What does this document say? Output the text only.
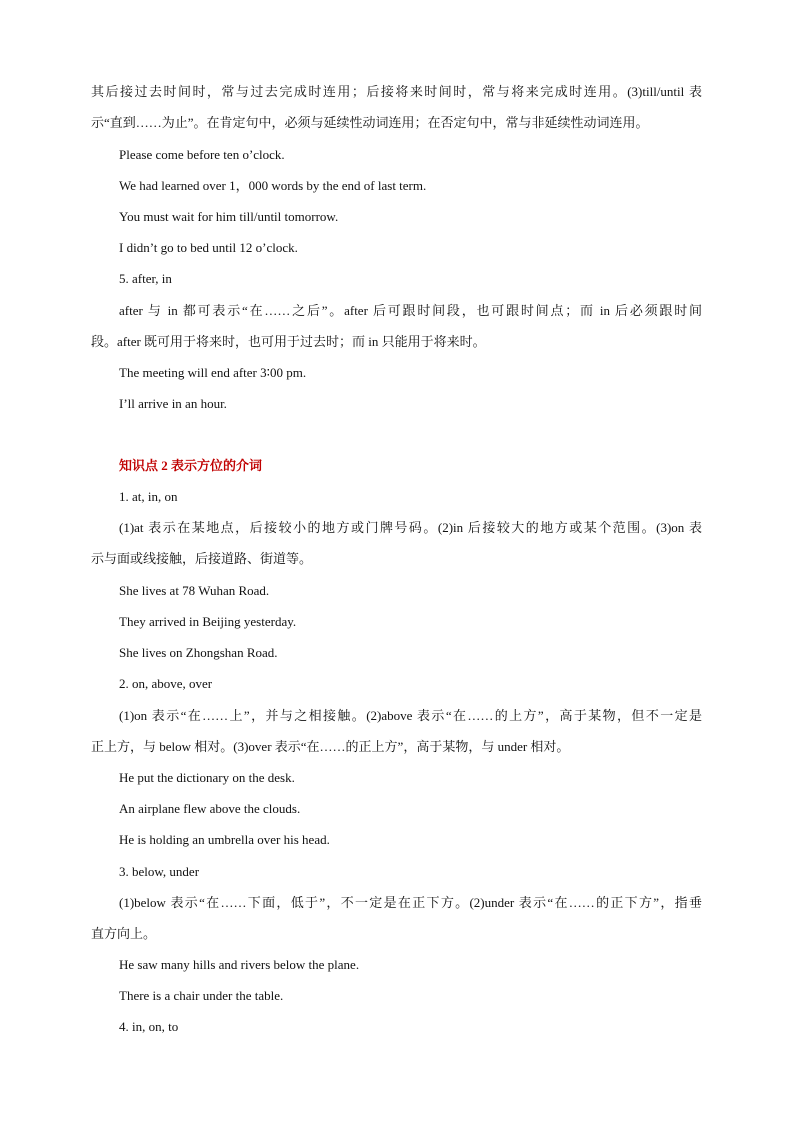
其后接过去时间时，常与过去完成时连用；后接将来时间时，常与将来完成时连用。(3)till/until 表
示“直到……为止”。在肯定句中，必须与延续性动词连用；在否定句中，常与非延续性动词连用。
Please come before ten o’clock.
We had learned over 1，000 words by the end of last term.
You must wait for him till/until tomorrow.
I didn’t go to bed until 12 o’clock.
5. after, in
after 与 in 都可表示“在……之后”。after 后可跟时间段，也可跟时间点；而 in 后必须跟时间
段。after 既可用于将来时，也可用于过去时；而 in 只能用于将来时。
The meeting will end after 3∶00 pm.
I’ll arrive in an hour.
知识点 2 表示方位的介词
1. at, in, on
(1)at 表示在某地点，后接较小的地方或门牌号码。(2)in 后接较大的地方或某个范围。(3)on 表
示与面或线接触，后接道路、街道等。
She lives at 78 Wuhan Road.
They arrived in Beijing yesterday.
She lives on Zhongshan Road.
2. on, above, over
(1)on 表示“在……上”，并与之相接触。(2)above 表示“在……的上方”，高于某物，但不一定是
正上方，与 below 相对。(3)over 表示“在……的正上方”，高于某物，与 under 相对。
He put the dictionary on the desk.
An airplane flew above the clouds.
He is holding an umbrella over his head.
3. below, under
(1)below 表示“在……下面，低于”，不一定是在正下方。(2)under 表示“在……的正下方”，指垂
直方向上。
He saw many hills and rivers below the plane.
There is a chair under the table.
4. in, on, to
